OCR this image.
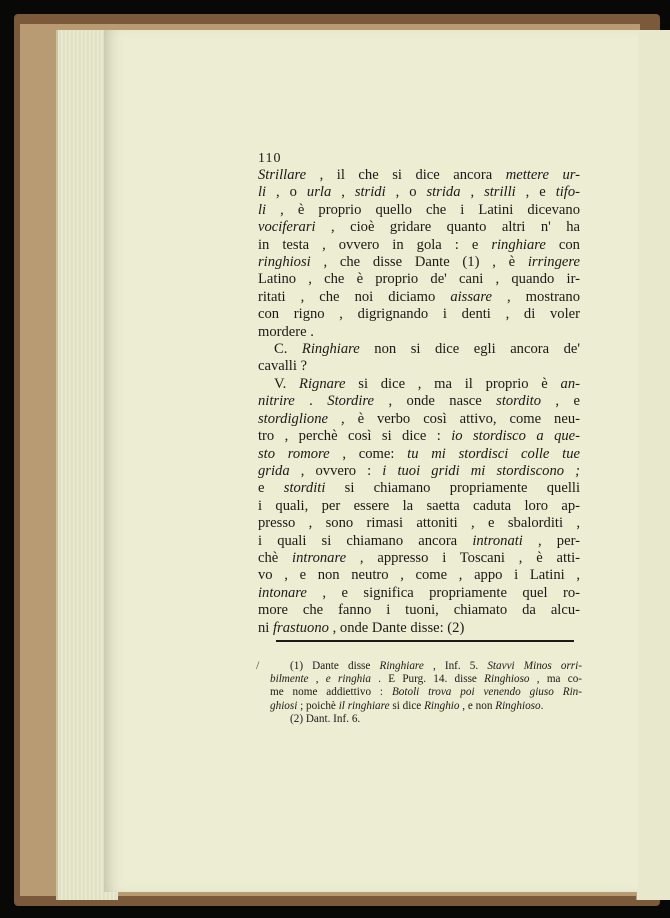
110
Strillare , il che si dice ancora mettere ur-
li , o urla , stridi , o strida , strilli , e tifo-
li , è proprio quello che i Latini dicevano
vociferari , cioè gridare quanto altri n' ha
in testa , ovvero in gola : e ringhiare con
ringhiosi , che disse Dante (1) , è irringere
Latino , che è proprio de' cani , quando ir-
ritati , che noi diciamo aissare , mostrano
con rigno , digrignando i denti , di voler
mordere .
C. Ringhiare non si dice egli ancora de'
cavalli ?
V. Rignare si dice , ma il proprio è an-
nitrire . Stordire , onde nasce stordito , e
stordiglione , è verbo così attivo, come neu-
tro , perchè così si dice : io stordisco a que-
sto romore , come: tu mi stordisci colle tue
grida , ovvero : i tuoi gridi mi stordiscono ;
e storditi si chiamano propriamente quelli
i quali, per essere la saetta caduta loro ap-
presso , sono rimasi attoniti , e sbalorditi ,
i quali si chiamano ancora intronati , per-
chè intronare , appresso i Toscani , è atti-
vo , e non neutro , come , appo i Latini ,
intonare , e significa propriamente quel ro-
more che fanno i tuoni, chiamato da alcu-
ni frastuono , onde Dante disse: (2)
/	(1) Dante disse Ringhiare , Inf. 5. Stavvi Minos orri-
bilmente , e ringhia . E Purg. 14. disse Ringhioso , ma co-
me nome addiettivo : Botoli trova poi venendo giuso Rin-
ghiosi ; poichè il ringhiare si dice Ringhio , e non Ringhioso.
(2) Dant. Inf. 6.
